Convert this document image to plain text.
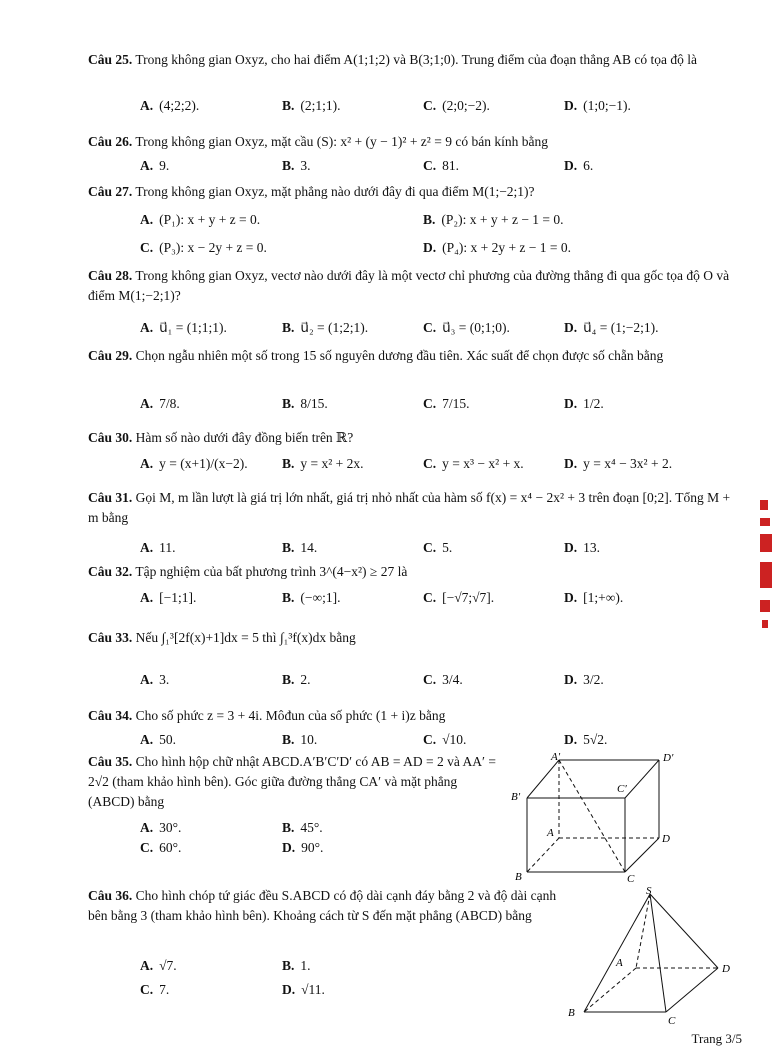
Câu 25. Trong không gian Oxyz, cho hai điểm A(1;1;2) và B(3;1;0). Trung điểm của đoạn thẳng AB có tọa độ là
A. (4;2;2).	B. (2;1;1).	C. (2;0;−2).	D. (1;0;−1).
Câu 26. Trong không gian Oxyz, mặt cầu (S): x² + (y − 1)² + z² = 9 có bán kính bằng
A. 9.	B. 3.	C. 81.	D. 6.
Câu 27. Trong không gian Oxyz, mặt phẳng nào dưới đây đi qua điểm M(1;−2;1)?
A. (P₁): x + y + z = 0.	B. (P₂): x + y + z − 1 = 0.
C. (P₃): x − 2y + z = 0.	D. (P₄): x + 2y + z − 1 = 0.
Câu 28. Trong không gian Oxyz, vectơ nào dưới đây là một vectơ chỉ phương của đường thẳng đi qua gốc tọa độ O và điểm M(1;−2;1)?
A. u⃗₁ = (1;1;1).	B. u⃗₂ = (1;2;1).	C. u⃗₃ = (0;1;0).	D. u⃗₄ = (1;−2;1).
Câu 29. Chọn ngẫu nhiên một số trong 15 số nguyên dương đầu tiên. Xác suất để chọn được số chẵn bằng
A. 7/8.	B. 8/15.	C. 7/15.	D. 1/2.
Câu 30. Hàm số nào dưới đây đồng biến trên ℝ?
A. y = (x+1)/(x−2).	B. y = x² + 2x.	C. y = x³ − x² + x.	D. y = x⁴ − 3x² + 2.
Câu 31. Gọi M, m lần lượt là giá trị lớn nhất, giá trị nhỏ nhất của hàm số f(x) = x⁴ − 2x² + 3 trên đoạn [0;2]. Tổng M + m bằng
A. 11.	B. 14.	C. 5.	D. 13.
Câu 32. Tập nghiệm của bất phương trình 3^(4−x²) ≥ 27 là
A. [−1;1].	B. (−∞;1].	C. [−√7;√7].	D. [1;+∞).
Câu 33. Nếu ∫₁³[2f(x)+1]dx = 5 thì ∫₁³f(x)dx bằng
A. 3.	B. 2.	C. 3/4.	D. 3/2.
Câu 34. Cho số phức z = 3 + 4i. Môđun của số phức (1 + i)z bằng
A. 50.	B. 10.	C. √10.	D. 5√2.
Câu 35. Cho hình hộp chữ nhật ABCD.A′B′C′D′ có AB = AD = 2 và AA′ = 2√2 (tham khảo hình bên). Góc giữa đường thẳng CA′ và mặt phẳng (ABCD) bằng
A. 30°.	B. 45°.
C. 60°.	D. 90°.
A′	D′
B′
C′
A	D
B	C
Câu 36. Cho hình chóp tứ giác đều S.ABCD có độ dài cạnh đáy bằng 2 và độ dài cạnh bên bằng 3 (tham khảo hình bên). Khoảng cách từ S đến mặt phẳng (ABCD) bằng
A. √7.	B. 1.
C. 7.	D. √11.
S
A	D
B
C
Trang 3/5
